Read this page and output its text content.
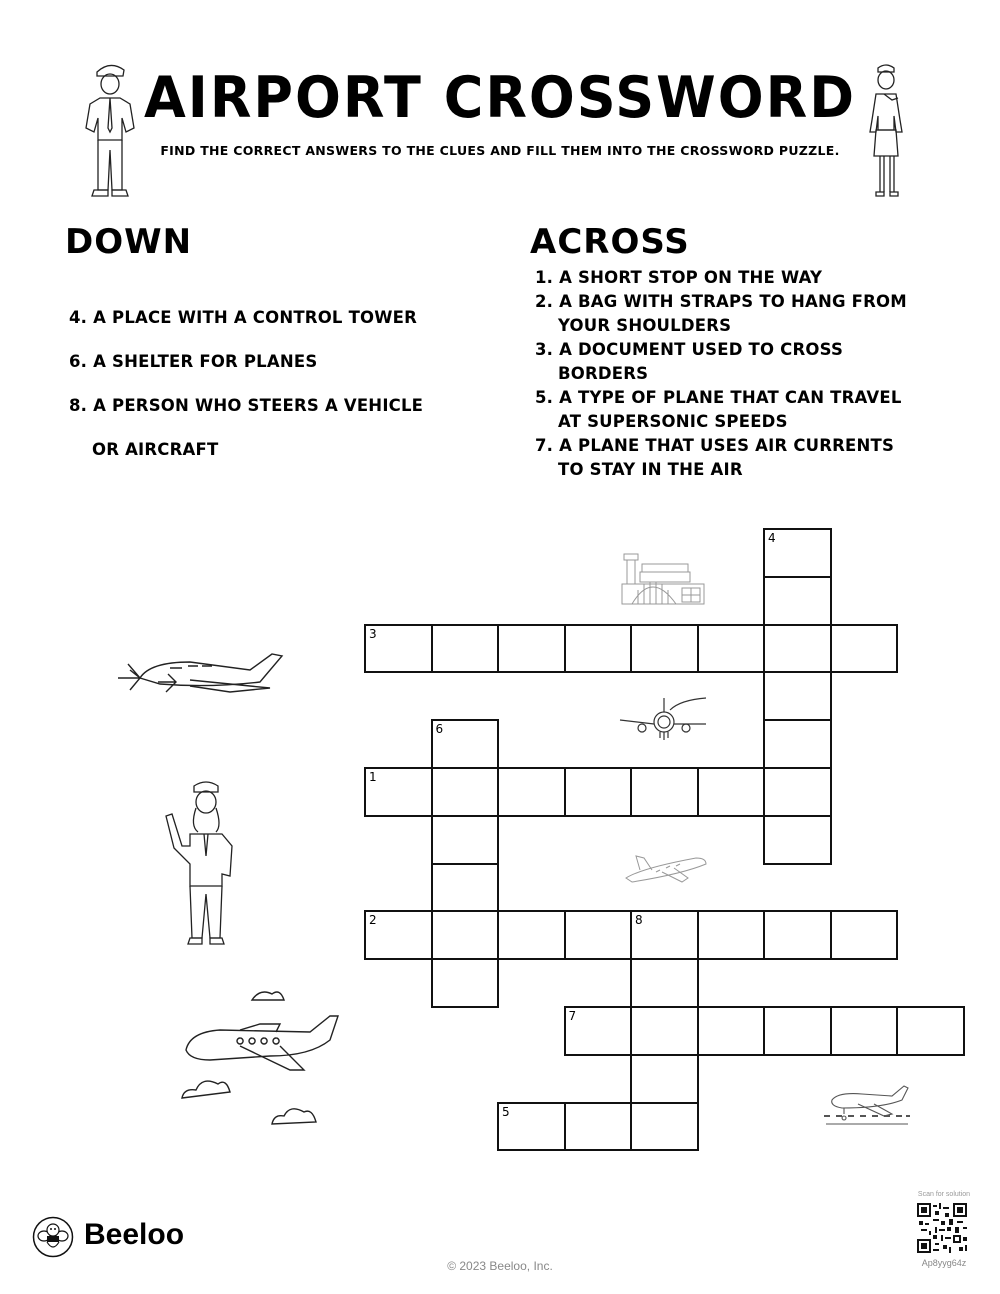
AIRPORT CROSSWORD
FIND THE CORRECT ANSWERS TO THE CLUES AND FILL THEM INTO THE CROSSWORD PUZZLE.
DOWN
4. A PLACE WITH A CONTROL TOWER
6. A SHELTER FOR PLANES
8. A PERSON WHO STEERS A VEHICLE
OR AIRCRAFT
ACROSS
1. A SHORT STOP ON THE WAY
2. A BAG WITH STRAPS TO HANG FROM
YOUR SHOULDERS
3. A DOCUMENT USED TO CROSS
BORDERS
5. A TYPE OF PLANE THAT CAN TRAVEL
AT SUPERSONIC SPEEDS
7. A PLANE THAT USES AIR CURRENTS
TO STAY IN THE AIR
4
3
6
1
2	8
7
5
Beeloo
© 2023 Beeloo, Inc.
Scan for solution
Ap8yyg64z
